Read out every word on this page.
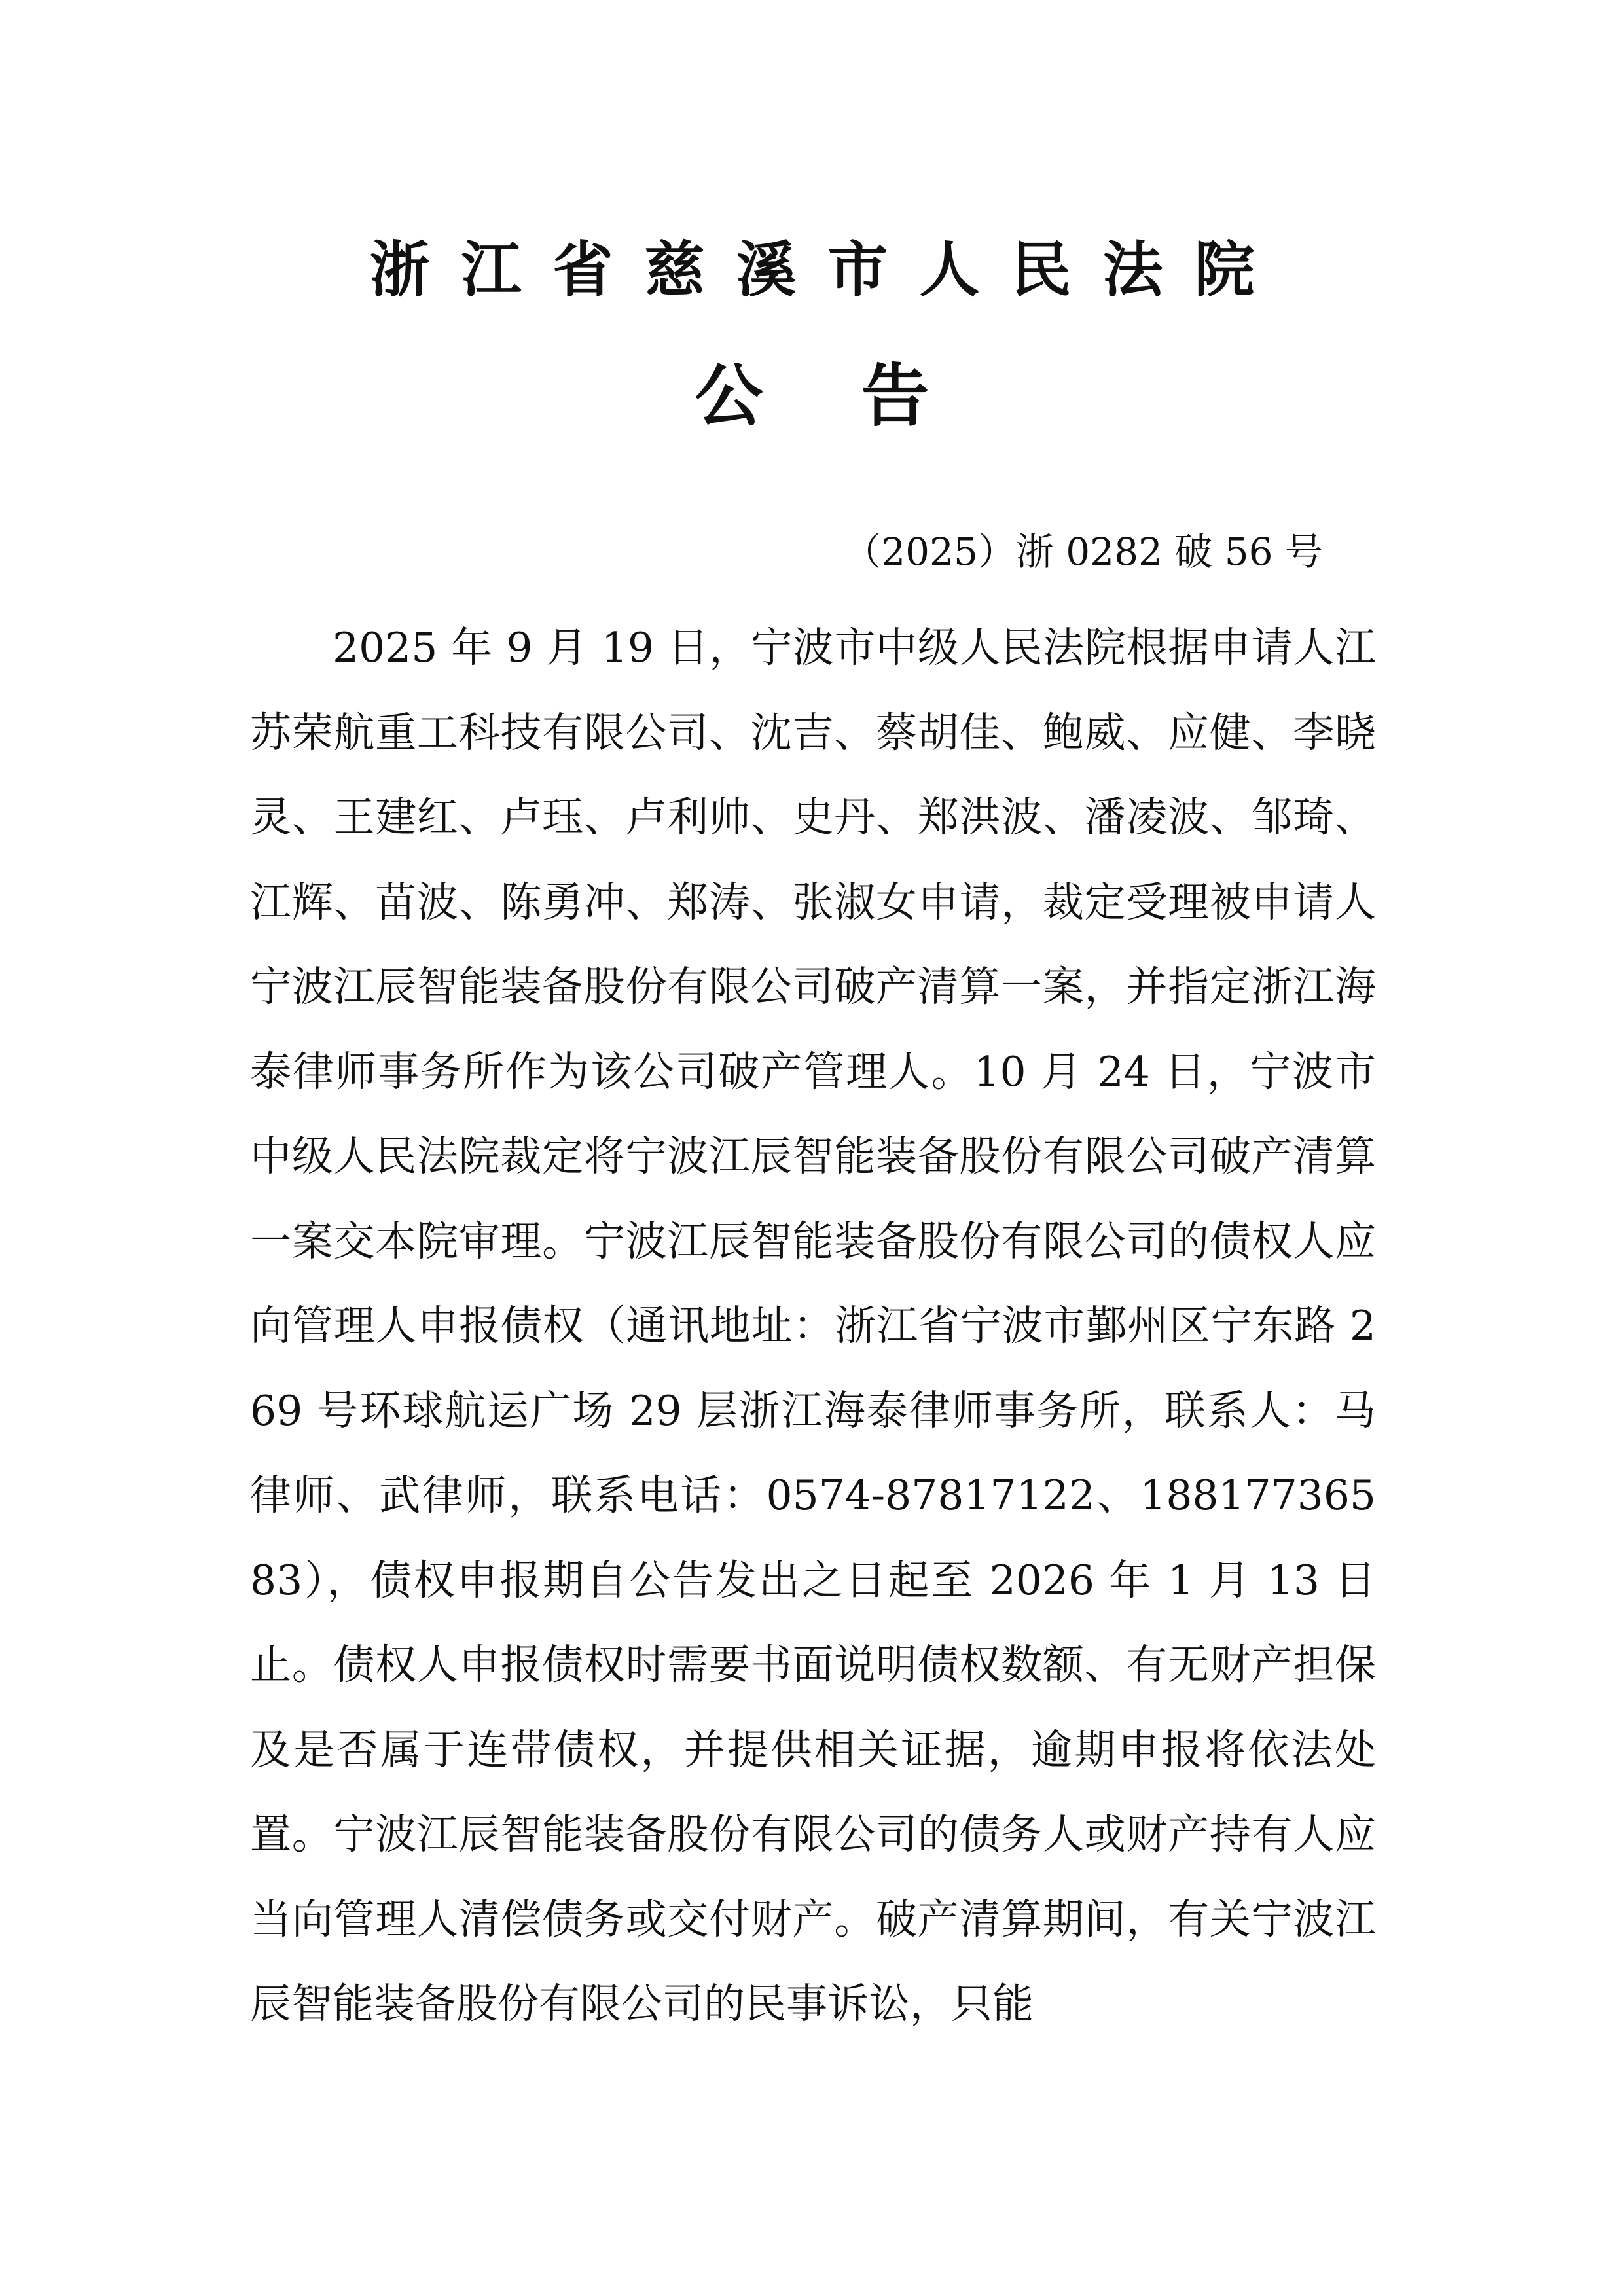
浙江省慈溪市人民法院
公告

（2025）浙 0282 破 56 号

2025 年 9 月 19 日，宁波市中级人民法院根据申请人江苏荣航重工科技有限公司、沈吉、蔡胡佳、鲍威、应健、李晓灵、王建红、卢珏、卢利帅、史丹、郑洪波、潘凌波、邹琦、江辉、苗波、陈勇冲、郑涛、张淑女申请，裁定受理被申请人宁波江辰智能装备股份有限公司破产清算一案，并指定浙江海泰律师事务所作为该公司破产管理人。10 月 24 日，宁波市中级人民法院裁定将宁波江辰智能装备股份有限公司破产清算一案交本院审理。宁波江辰智能装备股份有限公司的债权人应向管理人申报债权（通讯地址：浙江省宁波市鄞州区宁东路 269 号环球航运广场 29 层浙江海泰律师事务所，联系人：马律师、武律师，联系电话：0574-87817122、18817736583），债权申报期自公告发出之日起至 2026 年 1 月 13 日止。债权人申报债权时需要书面说明债权数额、有无财产担保及是否属于连带债权，并提供相关证据，逾期申报将依法处置。宁波江辰智能装备股份有限公司的债务人或财产持有人应当向管理人清偿债务或交付财产。破产清算期间，有关宁波江辰智能装备股份有限公司的民事诉讼，只能
